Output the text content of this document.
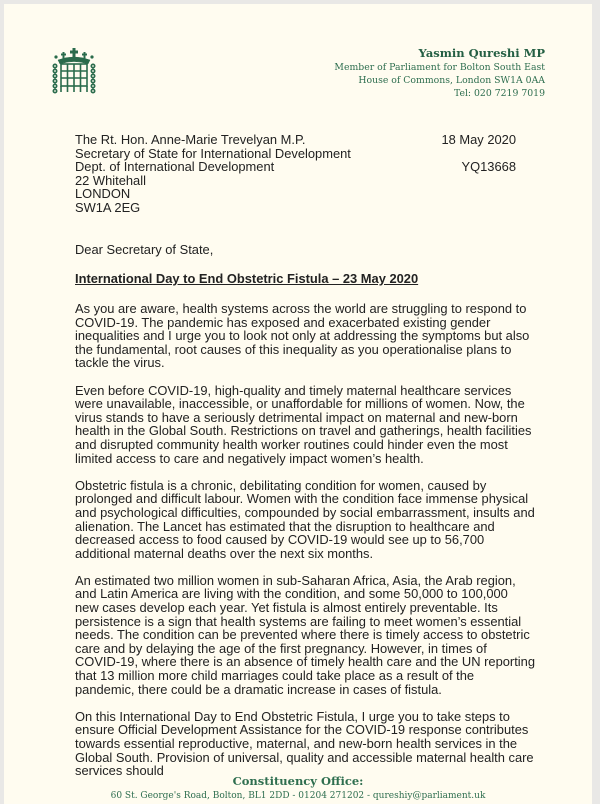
Yasmin Qureshi MP
Member of Parliament for Bolton South East
House of Commons, London SW1A 0AA
Tel: 020 7219 7019
The Rt. Hon. Anne-Marie Trevelyan M.P.
Secretary of State for International Development
Dept. of International Development
22 Whitehall
LONDON
SW1A 2EG
18 May 2020
YQ13668
Dear Secretary of State,
International Day to End Obstetric Fistula – 23 May 2020

As you are aware, health systems across the world are struggling to respond to COVID-19. The pandemic has exposed and exacerbated existing gender inequalities and I urge you to look not only at addressing the symptoms but also the fundamental, root causes of this inequality as you operationalise plans to tackle the virus.

Even before COVID-19, high-quality and timely maternal healthcare services were unavailable, inaccessible, or unaffordable for millions of women. Now, the virus stands to have a seriously detrimental impact on maternal and new-born health in the Global South. Restrictions on travel and gatherings, health facilities and disrupted community health worker routines could hinder even the most limited access to care and negatively impact women’s health.

Obstetric fistula is a chronic, debilitating condition for women, caused by prolonged and difficult labour. Women with the condition face immense physical and psychological difficulties, compounded by social embarrassment, insults and alienation. The Lancet has estimated that the disruption to healthcare and decreased access to food caused by COVID-19 would see up to 56,700 additional maternal deaths over the next six months.

An estimated two million women in sub-Saharan Africa, Asia, the Arab region, and Latin America are living with the condition, and some 50,000 to 100,000 new cases develop each year. Yet fistula is almost entirely preventable. Its persistence is a sign that health systems are failing to meet women’s essential needs. The condition can be prevented where there is timely access to obstetric care and by delaying the age of the first pregnancy. However, in times of COVID-19, where there is an absence of timely health care and the UN reporting that 13 million more child marriages could take place as a result of the pandemic, there could be a dramatic increase in cases of fistula.

On this International Day to End Obstetric Fistula, I urge you to take steps to ensure Official Development Assistance for the COVID-19 response contributes towards essential reproductive, maternal, and new-born health services in the Global South. Provision of universal, quality and accessible maternal health care services should

Constituency Office:
60 St. George's Road, Bolton, BL1 2DD - 01204 271202 - qureshiy@parliament.uk
